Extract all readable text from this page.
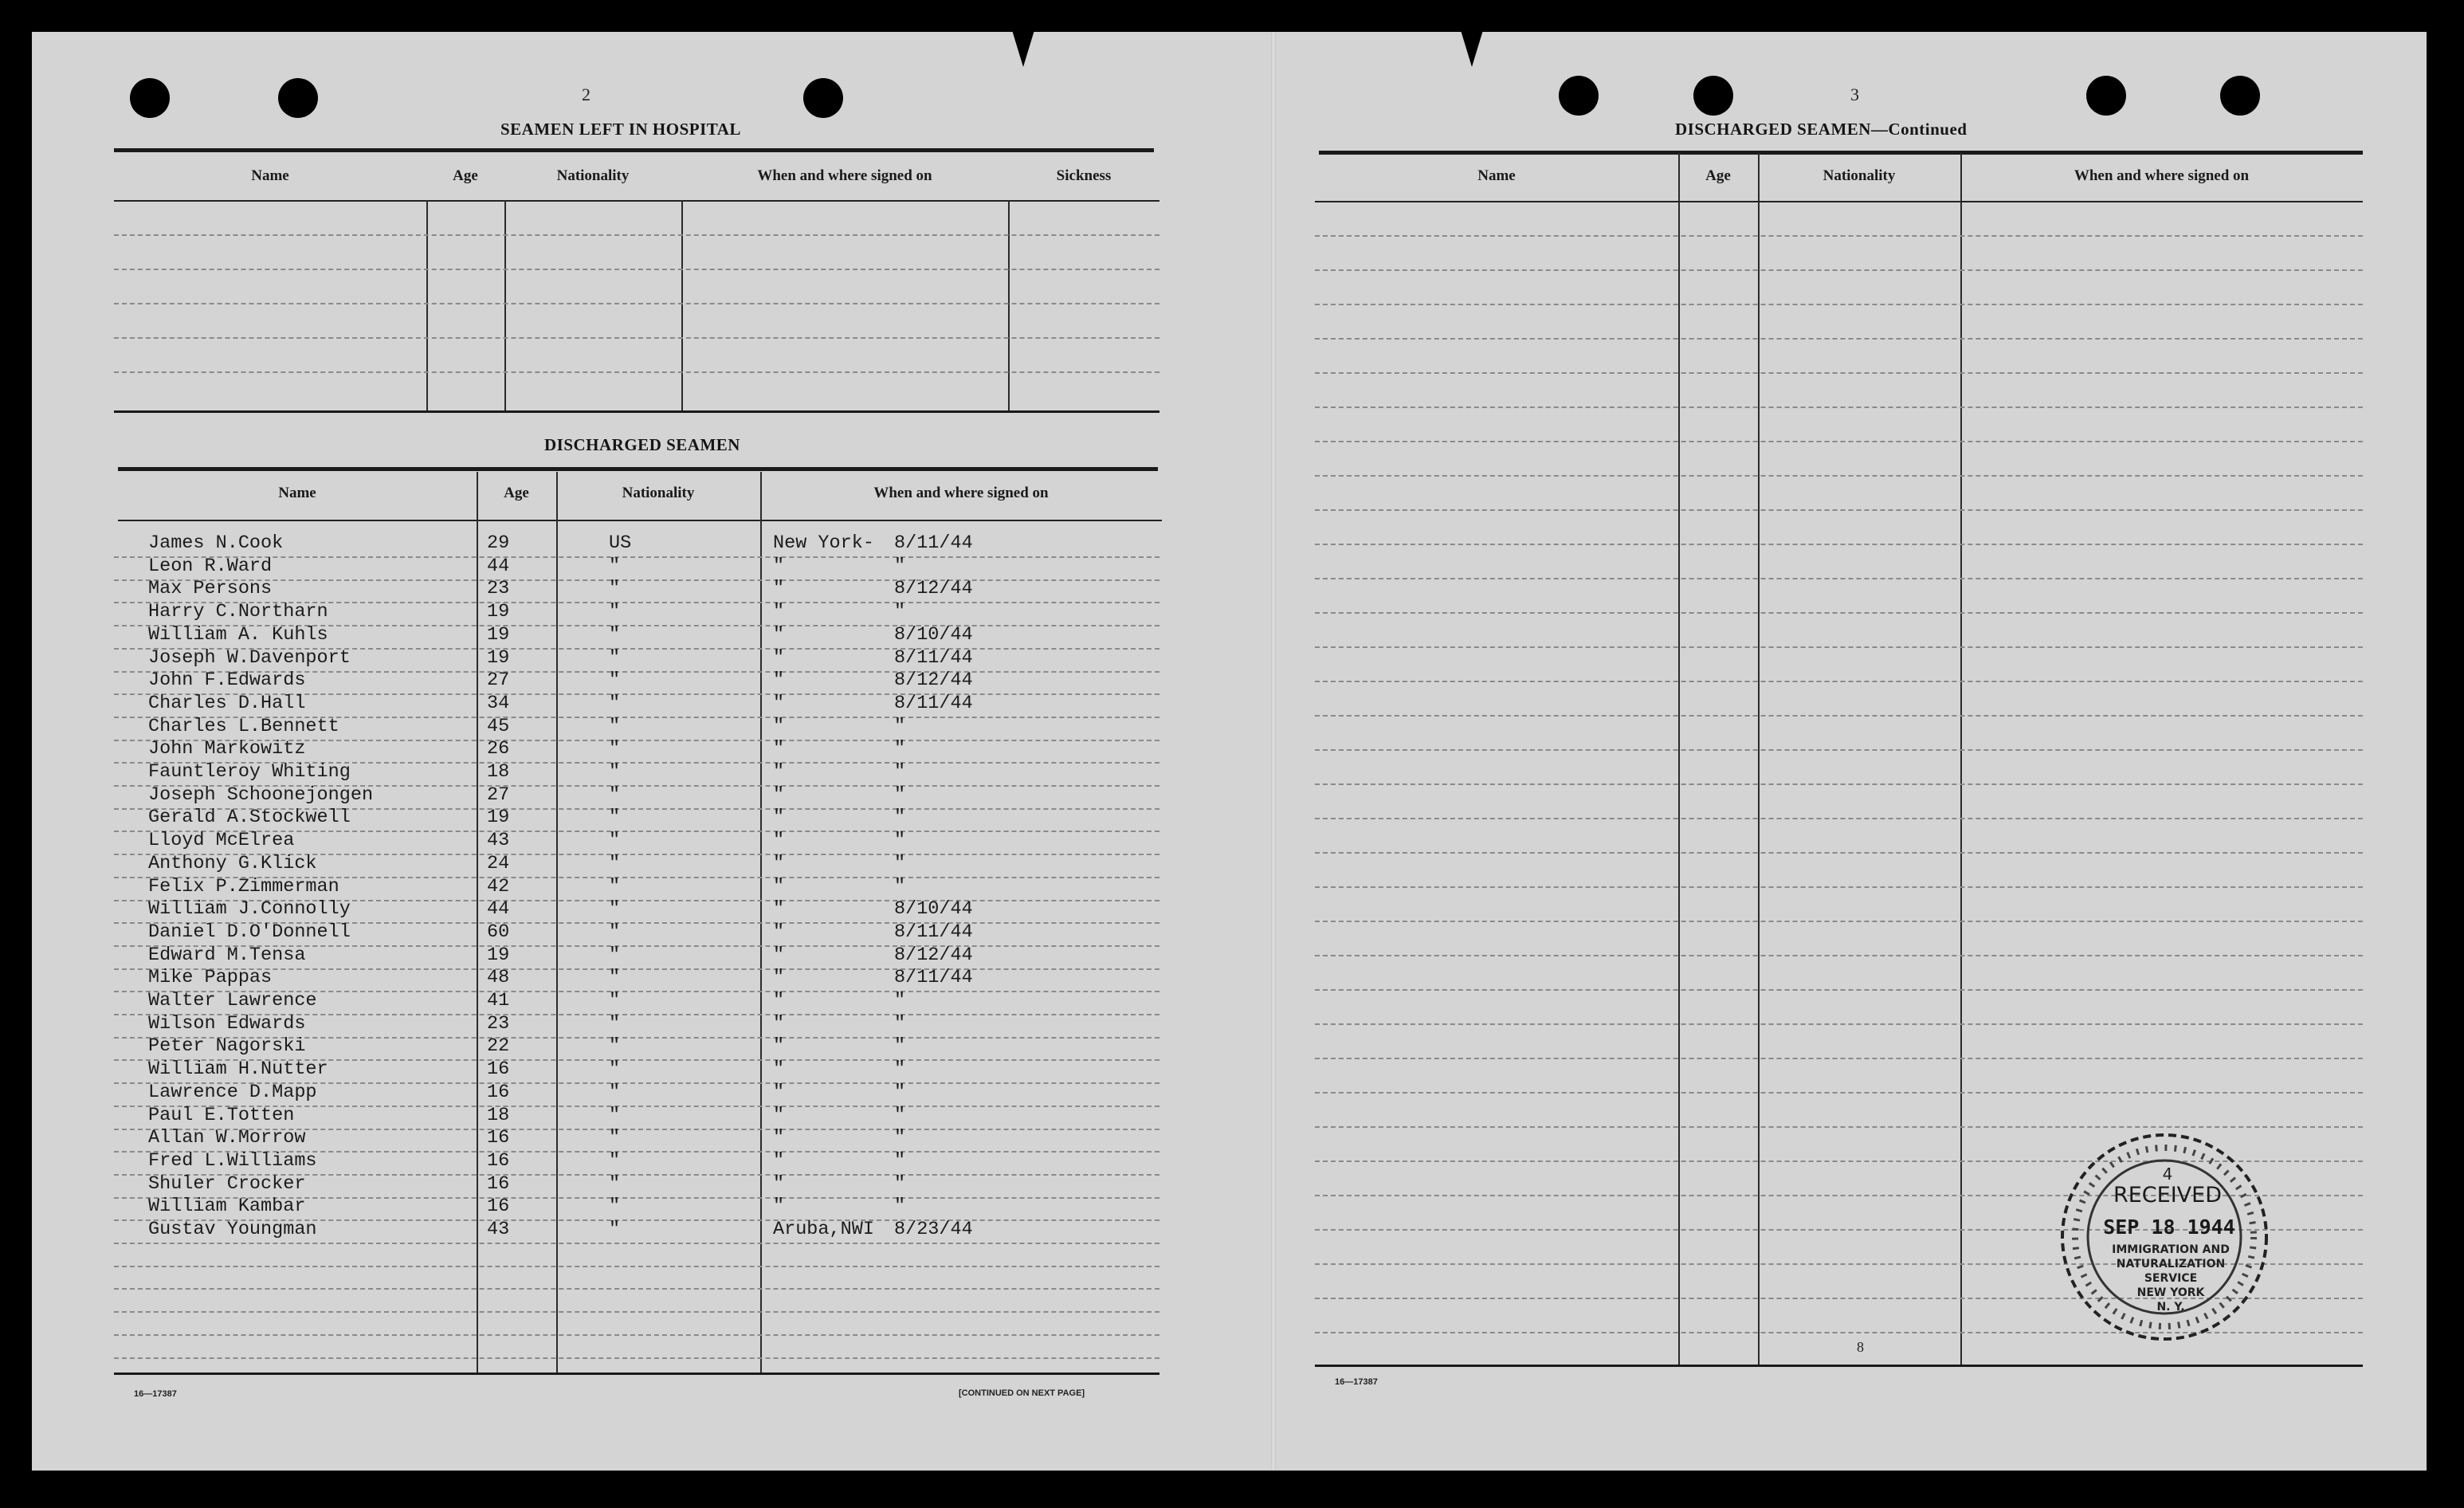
2
SEAMEN LEFT IN HOSPITAL
Name	Age	Nationality	When and where signed on	Sickness
DISCHARGED SEAMEN
Name	Age	Nationality	When and where signed on
James N.Cook	29	US	New York- 8/11/44
Leon R.Ward	44	"	"	"
Max Persons	23	"	"	8/12/44
Harry C.Northarn	19	"	"	"
William A. Kuhls	19	"	"	8/10/44
Joseph W.Davenport	19	"	"	8/11/44
John F.Edwards	27	"	"	8/12/44
Charles D.Hall	34	"	"	8/11/44
Charles L.Bennett	45	"	"	"
John Markowitz	26	"	"	"
Fauntleroy Whiting	18	"	"	"
Joseph Schoonejongen	27	"	"	"
Gerald A.Stockwell	19	"	"	"
Lloyd McElrea	43	"	"	"
Anthony G.Klick	24	"	"	"
Felix P.Zimmerman	42	"	"	"
William J.Connolly	44	"	"	8/10/44
Daniel D.O'Donnell	60	"	"	8/11/44
Edward M.Tensa	19	"	"	8/12/44
Mike Pappas	48	"	"	8/11/44
Walter Lawrence	41	"	"	"
Wilson Edwards	23	"	"	"
Peter Nagorski	22	"	"	"
William H.Nutter	16	"	"	"
Lawrence D.Mapp	16	"	"	"
Paul E.Totten	18	"	"	"
Allan W.Morrow	16	"	"	"
Fred L.Williams	16	"	"	"
Shuler Crocker	16	"	"	"
William Kambar	16	"	"	"
Gustav Youngman	43	"	Aruba,NWI 8/23/44
16—17387	[CONTINUED ON NEXT PAGE]
3
DISCHARGED SEAMEN—Continued
Name	Age	Nationality	When and where signed on
8
16—17387
4
RECEIVED
SEP 18 1944
IMMIGRATION AND
NATURALIZATION
SERVICE
NEW YORK
N. Y.
